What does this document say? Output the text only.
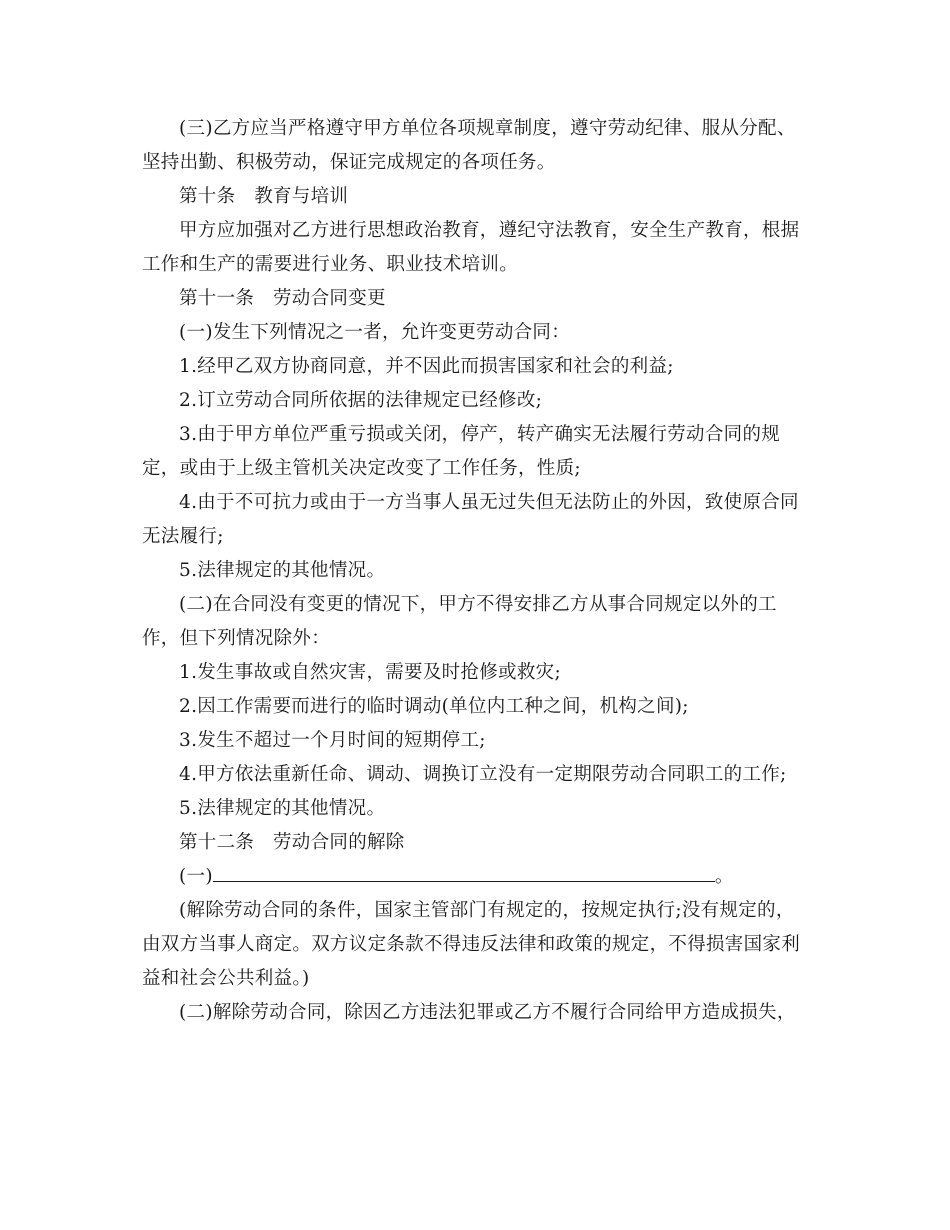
(三)乙方应当严格遵守甲方单位各项规章制度，遵守劳动纪律、服从分配、
坚持出勤、积极劳动，保证完成规定的各项任务。
第十条　教育与培训
甲方应加强对乙方进行思想政治教育，遵纪守法教育，安全生产教育，根据
工作和生产的需要进行业务、职业技术培训。
第十一条　劳动合同变更
(一)发生下列情况之一者，允许变更劳动合同：
1.经甲乙双方协商同意，并不因此而损害国家和社会的利益;
2.订立劳动合同所依据的法律规定已经修改;
3.由于甲方单位严重亏损或关闭，停产，转产确实无法履行劳动合同的规
定，或由于上级主管机关决定改变了工作任务，性质;
4.由于不可抗力或由于一方当事人虽无过失但无法防止的外因，致使原合同
无法履行;
5.法律规定的其他情况。
(二)在合同没有变更的情况下，甲方不得安排乙方从事合同规定以外的工
作，但下列情况除外：
1.发生事故或自然灾害，需要及时抢修或救灾;
2.因工作需要而进行的临时调动(单位内工种之间，机构之间);
3.发生不超过一个月时间的短期停工;
4.甲方依法重新任命、调动、调换订立没有一定期限劳动合同职工的工作;
5.法律规定的其他情况。
第十二条　劳动合同的解除
(一)	。
(解除劳动合同的条件，国家主管部门有规定的，按规定执行;没有规定的，
由双方当事人商定。双方议定条款不得违反法律和政策的规定，不得损害国家利
益和社会公共利益。)
(二)解除劳动合同，除因乙方违法犯罪或乙方不履行合同给甲方造成损失，
